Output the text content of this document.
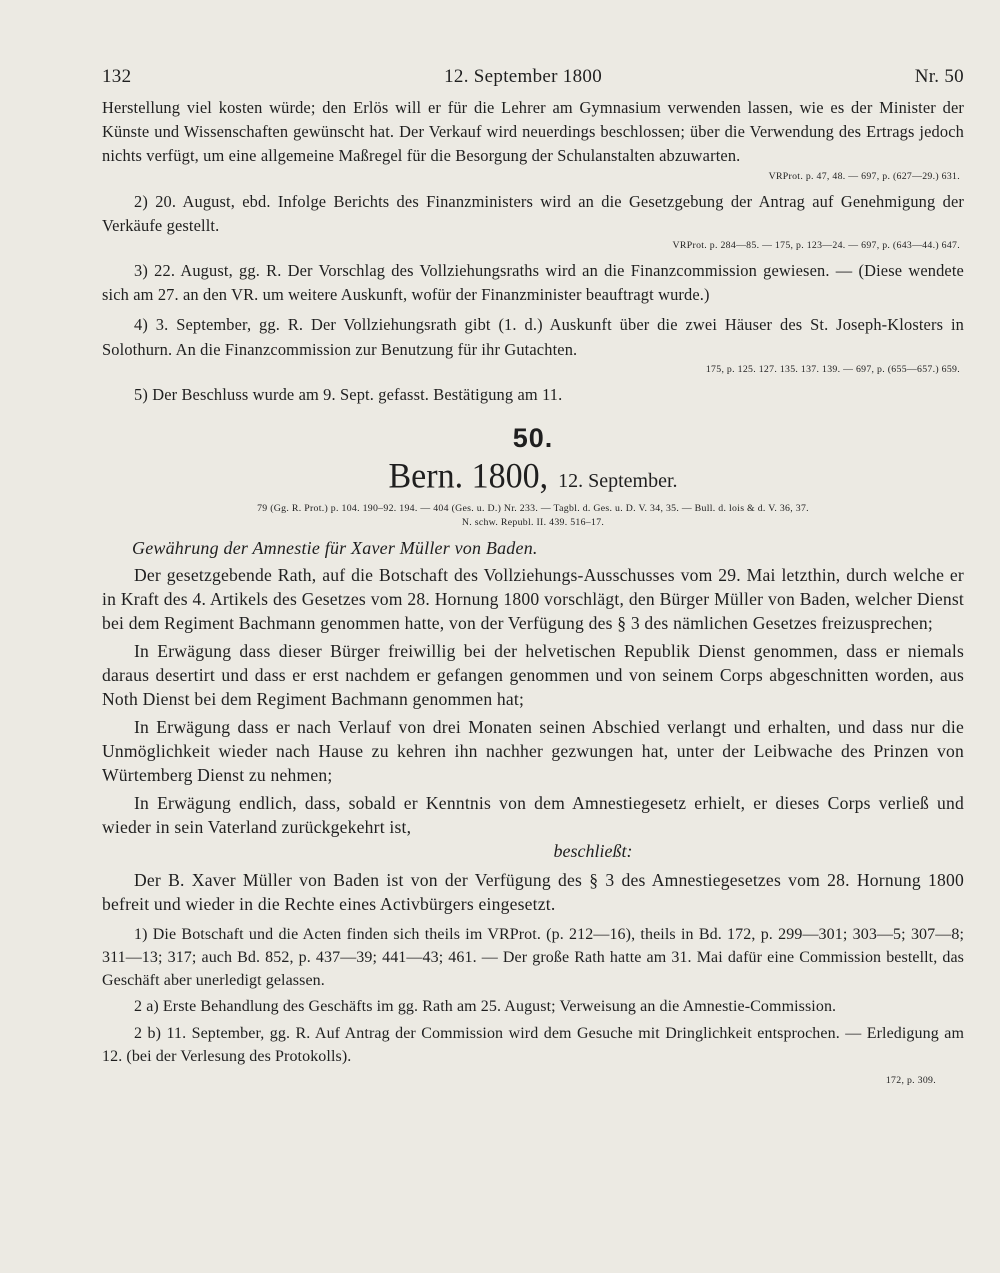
132	12. September 1800	Nr. 50

Herstellung viel kosten würde; den Erlös will er für die Lehrer am Gymnasium verwenden lassen, wie es der Minister der Künste und Wissenschaften gewünscht hat. Der Verkauf wird neuerdings beschlossen; über die Verwendung des Ertrags jedoch nichts verfügt, um eine allgemeine Maßregel für die Besorgung der Schulanstalten abzuwarten.

VRProt. p. 47, 48. — 697, p. (627—29.) 631.

2) 20. August, ebd. Infolge Berichts des Finanzministers wird an die Gesetzgebung der Antrag auf Genehmigung der Verkäufe gestellt.

VRProt. p. 284—85. — 175, p. 123—24. — 697, p. (643—44.) 647.

3) 22. August, gg. R. Der Vorschlag des Vollziehungsraths wird an die Finanzcommission gewiesen. — (Diese wendete sich am 27. an den VR. um weitere Auskunft, wofür der Finanzminister beauftragt wurde.)

4) 3. September, gg. R. Der Vollziehungsrath gibt (1. d.) Auskunft über die zwei Häuser des St. Joseph-Klosters in Solothurn. An die Finanzcommission zur Benutzung für ihr Gutachten.

175, p. 125. 127. 135. 137. 139. — 697, p. (655—657.) 659.

5) Der Beschluss wurde am 9. Sept. gefasst. Bestätigung am 11.

50.
Bern. 1800, 12. September.
79 (Gg. R. Prot.) p. 104. 190–92. 194. — 404 (Ges. u. D.) Nr. 233. — Tagbl. d. Ges. u. D. V. 34, 35. — Bull. d. lois & d. V. 36, 37.
N. schw. Republ. II. 439. 516–17.
Gewährung der Amnestie für Xaver Müller von Baden.

Der gesetzgebende Rath, auf die Botschaft des Vollziehungs-Ausschusses vom 29. Mai letzthin, durch welche er in Kraft des 4. Artikels des Gesetzes vom 28. Hornung 1800 vorschlägt, den Bürger Müller von Baden, welcher Dienst bei dem Regiment Bachmann genommen hatte, von der Verfügung des § 3 des nämlichen Gesetzes freizusprechen;

In Erwägung dass dieser Bürger freiwillig bei der helvetischen Republik Dienst genommen, dass er niemals daraus desertirt und dass er erst nachdem er gefangen genommen und von seinem Corps abgeschnitten worden, aus Noth Dienst bei dem Regiment Bachmann genommen hat;

In Erwägung dass er nach Verlauf von drei Monaten seinen Abschied verlangt und erhalten, und dass nur die Unmöglichkeit wieder nach Hause zu kehren ihn nachher gezwungen hat, unter der Leibwache des Prinzen von Würtemberg Dienst zu nehmen;

In Erwägung endlich, dass, sobald er Kenntnis von dem Amnestiegesetz erhielt, er dieses Corps verließ und wieder in sein Vaterland zurückgekehrt ist,

beschließt:

Der B. Xaver Müller von Baden ist von der Verfügung des § 3 des Amnestiegesetzes vom 28. Hornung 1800 befreit und wieder in die Rechte eines Activbürgers eingesetzt.

1) Die Botschaft und die Acten finden sich theils im VRProt. (p. 212—16), theils in Bd. 172, p. 299—301; 303—5; 307—8; 311—13; 317; auch Bd. 852, p. 437—39; 441—43; 461. — Der große Rath hatte am 31. Mai dafür eine Commission bestellt, das Geschäft aber unerledigt gelassen.

2 a) Erste Behandlung des Geschäfts im gg. Rath am 25. August; Verweisung an die Amnestie-Commission.

2 b) 11. September, gg. R. Auf Antrag der Commission wird dem Gesuche mit Dringlichkeit entsprochen. — Erledigung am 12. (bei der Verlesung des Protokolls).

172, p. 309.
